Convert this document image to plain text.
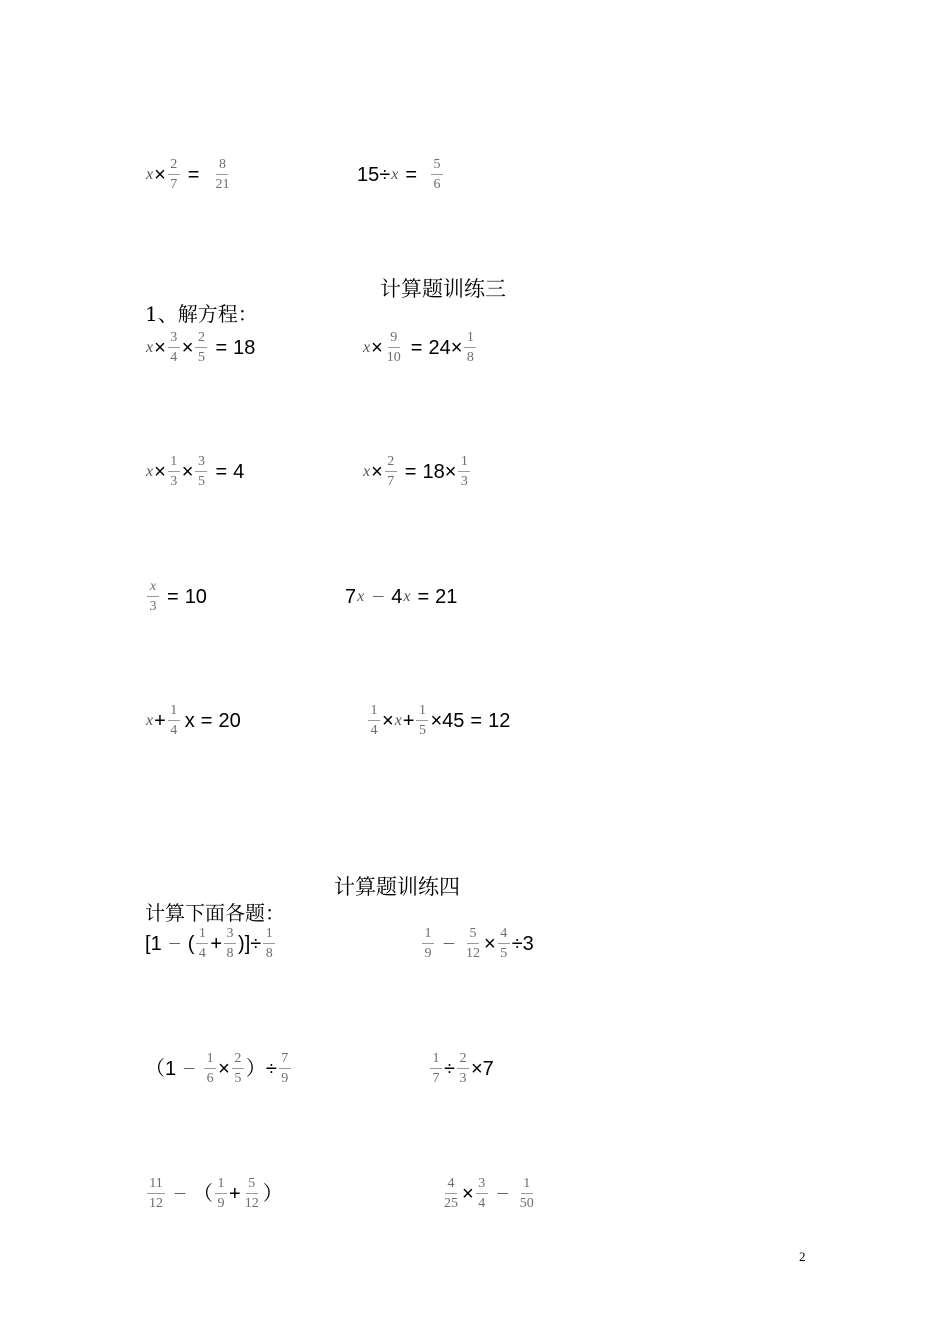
$x \times \frac{2}{7} = \frac{8}{21}$	$15 \div x = \frac{5}{6}$
计算题训练三
1、解方程：
$x \times \frac{3}{4} \times \frac{2}{5} = 18$	$x \times \frac{9}{10} = 24 \times \frac{1}{8}$
$x \times \frac{1}{3} \times \frac{3}{5} = 4$	$x \times \frac{2}{7} = 18 \times \frac{1}{3}$
$\frac{x}{3} = 10$	7 x － 4 x = 21
$x + \frac{1}{4}$ x = 20	$\frac{1}{4} \times x + \frac{1}{5} \times 45 = 12$
计算题训练四
计算下面各题：
[ 1 － ( $\frac{1}{4} + \frac{3}{8}$ ) ] ÷ $\frac{1}{8}$	$\frac{1}{9} - \frac{5}{12} \times \frac{4}{5} \div 3$
（ $1 - \frac{1}{6} \times \frac{2}{5}$ ） ÷ $\frac{7}{9}$	$\frac{1}{7} \div \frac{2}{3} \times 7$
$\frac{11}{12}$ － （ $\frac{1}{9} + \frac{5}{12}$ ）	$\frac{4}{25} \times \frac{3}{4} - \frac{1}{50}$
2
